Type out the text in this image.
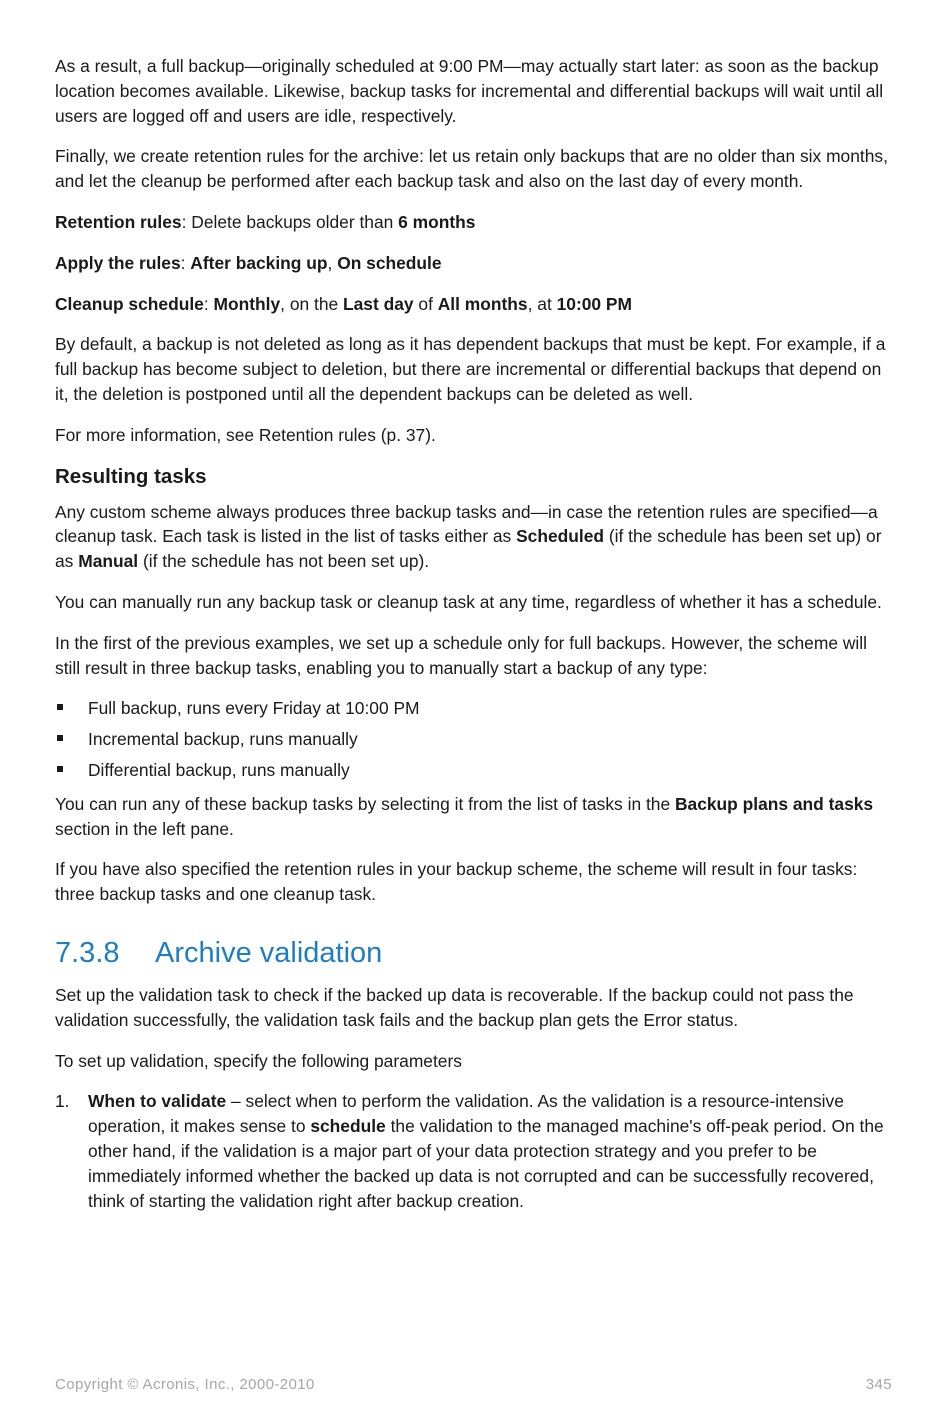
As a result, a full backup—originally scheduled at 9:00 PM—may actually start later: as soon as the backup location becomes available. Likewise, backup tasks for incremental and differential backups will wait until all users are logged off and users are idle, respectively.

Finally, we create retention rules for the archive: let us retain only backups that are no older than six months, and let the cleanup be performed after each backup task and also on the last day of every month.

Retention rules: Delete backups older than 6 months

Apply the rules: After backing up, On schedule

Cleanup schedule: Monthly, on the Last day of All months, at 10:00 PM

By default, a backup is not deleted as long as it has dependent backups that must be kept. For example, if a full backup has become subject to deletion, but there are incremental or differential backups that depend on it, the deletion is postponed until all the dependent backups can be deleted as well.

For more information, see Retention rules (p. 37).

Resulting tasks

Any custom scheme always produces three backup tasks and—in case the retention rules are specified—a cleanup task. Each task is listed in the list of tasks either as Scheduled (if the schedule has been set up) or as Manual (if the schedule has not been set up).

You can manually run any backup task or cleanup task at any time, regardless of whether it has a schedule.

In the first of the previous examples, we set up a schedule only for full backups. However, the scheme will still result in three backup tasks, enabling you to manually start a backup of any type:

Full backup, runs every Friday at 10:00 PM
Incremental backup, runs manually
Differential backup, runs manually

You can run any of these backup tasks by selecting it from the list of tasks in the Backup plans and tasks section in the left pane.

If you have also specified the retention rules in your backup scheme, the scheme will result in four tasks: three backup tasks and one cleanup task.

7.3.8 Archive validation

Set up the validation task to check if the backed up data is recoverable. If the backup could not pass the validation successfully, the validation task fails and the backup plan gets the Error status.

To set up validation, specify the following parameters

1. When to validate – select when to perform the validation. As the validation is a resource-intensive operation, it makes sense to schedule the validation to the managed machine's off-peak period. On the other hand, if the validation is a major part of your data protection strategy and you prefer to be immediately informed whether the backed up data is not corrupted and can be successfully recovered, think of starting the validation right after backup creation.
Copyright © Acronis, Inc., 2000-2010	345
